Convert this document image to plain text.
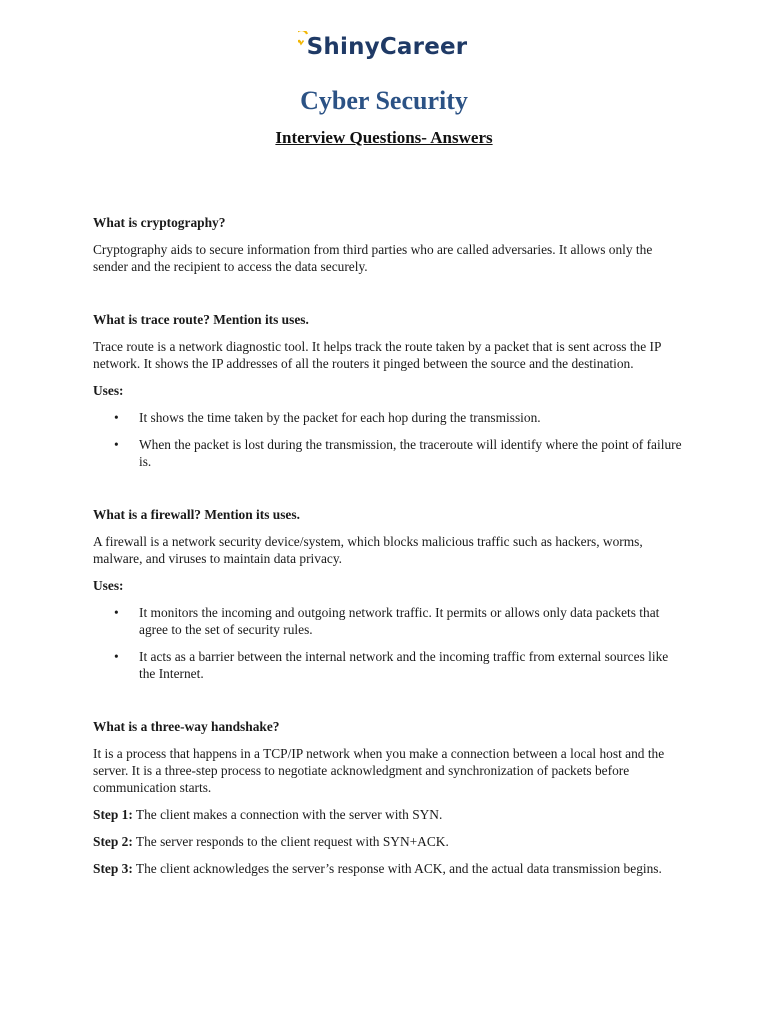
ShinyCareer
Cyber Security
Interview Questions- Answers
What is cryptography?
Cryptography aids to secure information from third parties who are called adversaries. It allows only the sender and the recipient to access the data securely.
What is trace route? Mention its uses.
Trace route is a network diagnostic tool. It helps track the route taken by a packet that is sent across the IP network. It shows the IP addresses of all the routers it pinged between the source and the destination.
Uses:
• It shows the time taken by the packet for each hop during the transmission.
• When the packet is lost during the transmission, the traceroute will identify where the point of failure is.
What is a firewall? Mention its uses.
A firewall is a network security device/system, which blocks malicious traffic such as hackers, worms, malware, and viruses to maintain data privacy.
Uses:
• It monitors the incoming and outgoing network traffic. It permits or allows only data packets that agree to the set of security rules.
• It acts as a barrier between the internal network and the incoming traffic from external sources like the Internet.
What is a three-way handshake?
It is a process that happens in a TCP/IP network when you make a connection between a local host and the server. It is a three-step process to negotiate acknowledgment and synchronization of packets before communication starts.
Step 1: The client makes a connection with the server with SYN.
Step 2: The server responds to the client request with SYN+ACK.
Step 3: The client acknowledges the server’s response with ACK, and the actual data transmission begins.
